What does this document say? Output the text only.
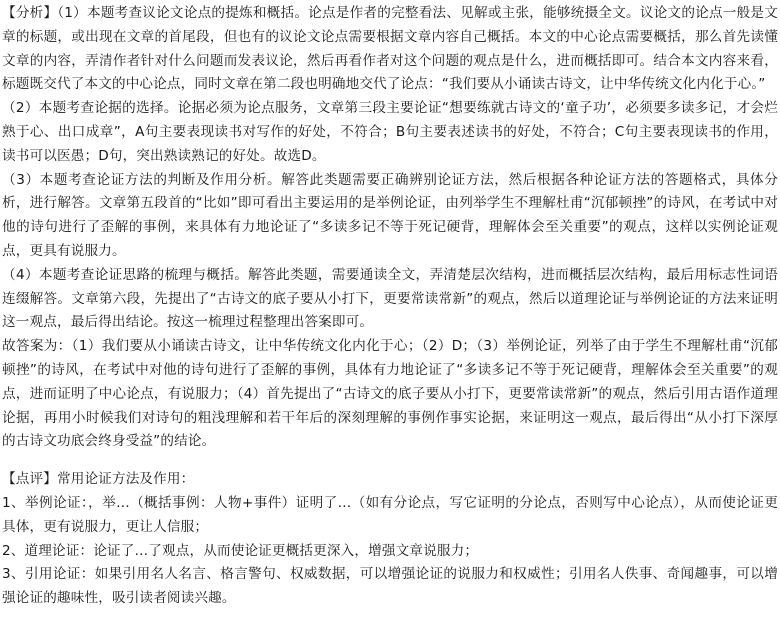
【分析】（1）本题考查议论文论点的提炼和概括。论点是作者的完整看法、见解或主张，能够统摄全文。议论文的论点一般是文章的标题，或出现在文章的首尾段，但也有的议论文论点需要根据文章内容自己概括。本文的中心论点需要概括，那么首先读懂文章的内容，弄清作者针对什么问题而发表议论，然后再看作者对这个问题的观点是什么，进而概括即可。结合本文内容来看，标题既交代了本文的中心论点，同时文章在第二段也明确地交代了论点：“我们要从小诵读古诗文，让中华传统文化内化于心。”

（2）本题考查论据的选择。论据必须为论点服务，文章第三段主要论证“想要练就古诗文的‘童子功’，必须要多读多记，才会烂熟于心、出口成章”，A句主要表现读书对写作的好处，不符合；B句主要表述读书的好处，不符合；C句主要表现读书的作用，读书可以医愚；D句，突出熟读熟记的好处。故选D。

（3）本题考查论证方法的判断及作用分析。解答此类题需要正确辨别论证方法，然后根据各种论证方法的答题格式，具体分析，进行解答。文章第五段首的“比如”即可看出主要运用的是举例论证，由列举学生不理解杜甫“沉郁顿挫”的诗风，在考试中对他的诗句进行了歪解的事例，来具体有力地论证了“多读多记不等于死记硬背，理解体会至关重要”的观点，这样以实例论证观点，更具有说服力。

（4）本题考查论证思路的梳理与概括。解答此类题，需要通读全文，弄清楚层次结构，进而概括层次结构，最后用标志性词语连缀解答。文章第六段，先提出了“古诗文的底子要从小打下，更要常读常新”的观点，然后以道理论证与举例论证的方法来证明这一观点，最后得出结论。按这一梳理过程整理出答案即可。

故答案为：（1）我们要从小诵读古诗文，让中华传统文化内化于心；（2）D；（3）举例论证，列举了由于学生不理解杜甫“沉郁顿挫”的诗风，在考试中对他的诗句进行了歪解的事例，具体有力地论证了“多读多记不等于死记硬背，理解体会至关重要”的观点，进而证明了中心论点，有说服力；（4）首先提出了“古诗文的底子要从小打下，更要常读常新”的观点，然后引用古语作道理论据，再用小时候我们对诗句的粗浅理解和若干年后的深刻理解的事例作事实论据，来证明这一观点，最后得出“从小打下深厚的古诗文功底会终身受益”的结论。

【点评】常用论证方法及作用：

1、举例论证：，举…（概括事例：人物+事件）证明了…（如有分论点，写它证明的分论点，否则写中心论点），从而使论证更具体，更有说服力，更让人信服；

2、道理论证：论证了…了观点，从而使论证更概括更深入，增强文章说服力；

3、引用论证：如果引用名人名言、格言警句、权威数据，可以增强论证的说服力和权威性；引用名人佚事、奇闻趣事，可以增强论证的趣味性，吸引读者阅读兴趣。
